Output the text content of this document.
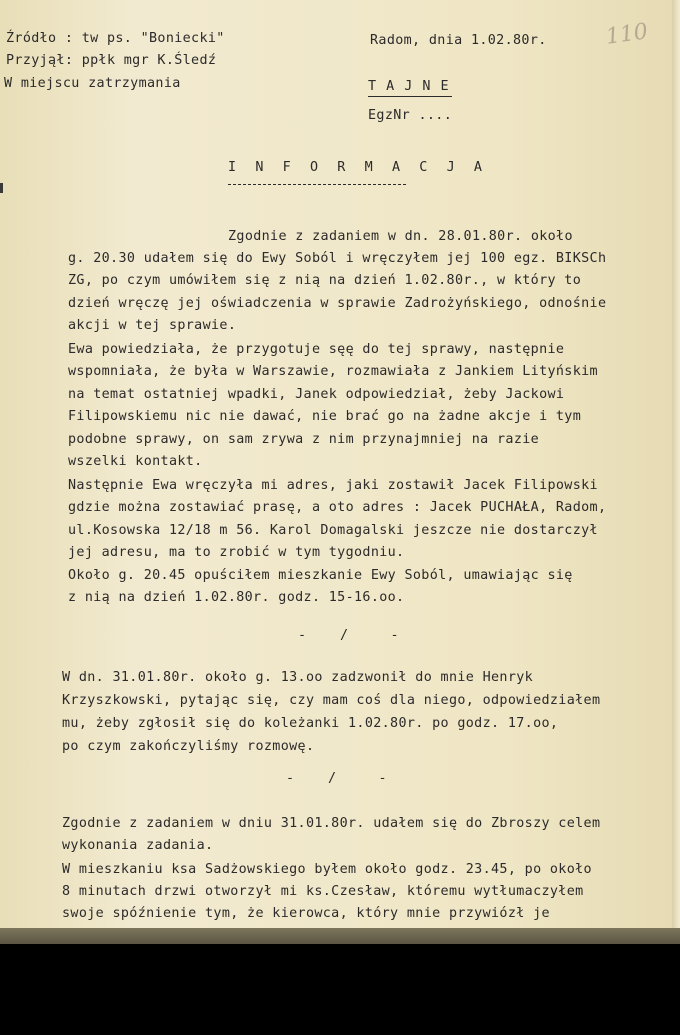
Źródło : tw ps. "Boniecki"

Przyjął: ppłk mgr K.Śledź

W miejscu zatrzymania

Radom, dnia 1.02.80r.	110

T A J N E

EgzNr ....

I N F O R M A C J A

Zgodnie z zadaniem w dn. 28.01.80r. około

g. 20.30 udałem się do Ewy Soból i wręczyłem jej 100 egz. BIKSCh

ZG, po czym umówiłem się z nią na dzień 1.02.80r., w który to

dzień wręczę jej oświadczenia w sprawie Zadrożyńskiego, odnośnie

akcji w tej sprawie.

Ewa powiedziała, że przygotuje sęę do tej sprawy, następnie

wspomniała, że była w Warszawie, rozmawiała z Jankiem Lityńskim

na temat ostatniej wpadki, Janek odpowiedział, żeby Jackowi

Filipowskiemu nic nie dawać, nie brać go na żadne akcje i tym

podobne sprawy, on sam zrywa z nim przynajmniej na razie

wszelki kontakt.

Następnie Ewa wręczyła mi adres, jaki zostawił Jacek Filipowski

gdzie można zostawiać prasę, a oto adres : Jacek PUCHAŁA, Radom,

ul.Kosowska 12/18 m 56. Karol Domagalski jeszcze nie dostarczył

jej adresu, ma to zrobić w tym tygodniu.

Około g. 20.45 opuściłem mieszkanie Ewy Soból, umawiając się

z nią na dzień 1.02.80r. godz. 15-16.oo.

-    /     -

W dn. 31.01.80r. około g. 13.oo zadzwonił do mnie Henryk

Krzyszkowski, pytając się, czy mam coś dla niego, odpowiedziałem

mu, żeby zgłosił się do koleżanki 1.02.80r. po godz. 17.oo,

po czym zakończyliśmy rozmowę.

-    /     -

Zgodnie z zadaniem w dniu 31.01.80r. udałem się do Zbroszy celem

wykonania zadania.

W mieszkaniu ksa Sadżowskiego byłem około godz. 23.45, po około

8 minutach drzwi otworzył mi ks.Czesław, któremu wytłumaczyłem

swoje spóźnienie tym, że kierowca, który mnie przywiózł je
